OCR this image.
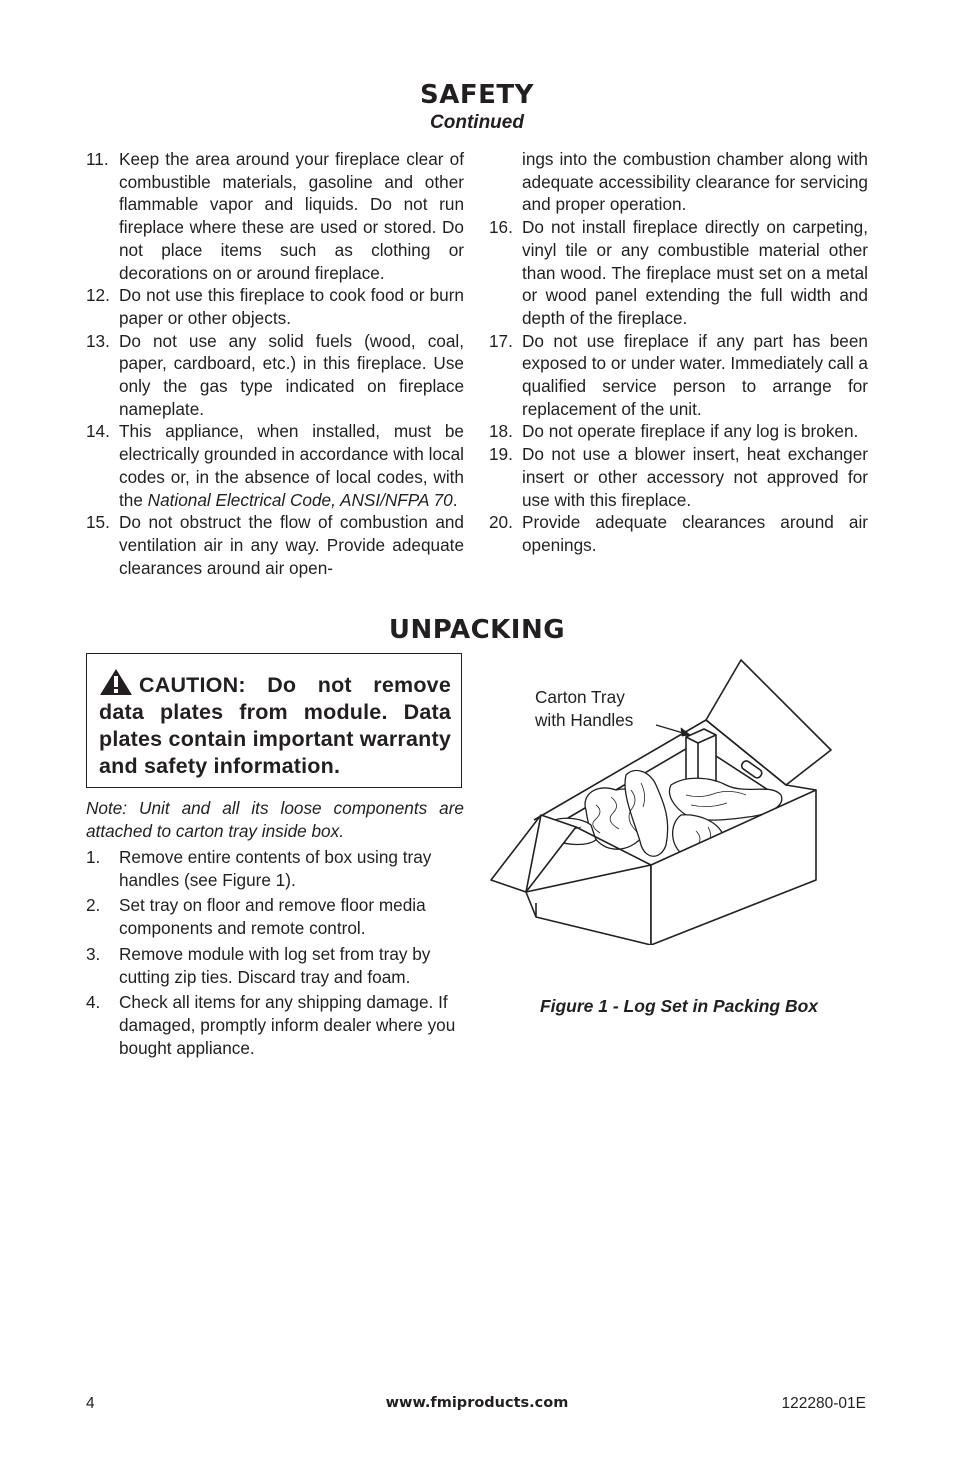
SAFETY
Continued
11. Keep the area around your fireplace clear of combustible materials, gasoline and other flammable vapor and liquids. Do not run fireplace where these are used or stored. Do not place items such as clothing or decorations on or around fireplace.
12. Do not use this fireplace to cook food or burn paper or other objects.
13. Do not use any solid fuels (wood, coal, paper, cardboard, etc.) in this fireplace. Use only the gas type indicated on fireplace nameplate.
14. This appliance, when installed, must be electrically grounded in accordance with local codes or, in the absence of local codes, with the National Electrical Code, ANSI/NFPA 70.
15. Do not obstruct the flow of combustion and ventilation air in any way. Provide adequate clearances around air open-
ings into the combustion chamber along with adequate accessibility clearance for servicing and proper operation.
16. Do not install fireplace directly on carpeting, vinyl tile or any combustible material other than wood. The fireplace must set on a metal or wood panel extending the full width and depth of the fireplace.
17. Do not use fireplace if any part has been exposed to or under water. Immediately call a qualified service person to arrange for replacement of the unit.
18. Do not operate fireplace if any log is broken.
19. Do not use a blower insert, heat exchanger insert or other accessory not approved for use with this fireplace.
20. Provide adequate clearances around air openings.
UNPACKING
CAUTION: Do not remove data plates from module. Data plates contain important warranty and safety information.
Note: Unit and all its loose components are attached to carton tray inside box.
1.	Remove entire contents of box using tray handles (see Figure 1).
2.	Set tray on floor and remove floor media components and remote control.
3.	Remove module with log set from tray by cutting zip ties. Discard tray and foam.
4.	Check all items for any shipping damage. If damaged, promptly inform dealer where you bought appliance.
Carton Tray
with Handles
Figure 1 - Log Set in Packing Box
4	www.fmiproducts.com	122280-01E
